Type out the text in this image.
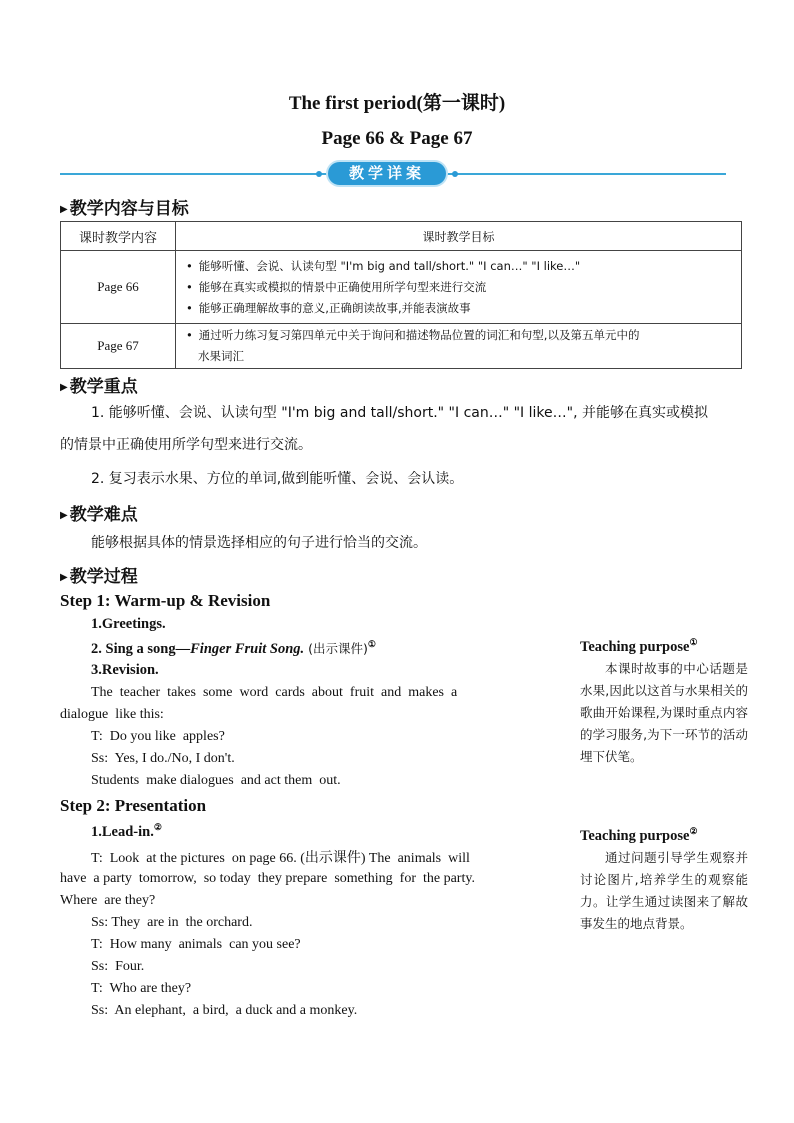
The first period(第一课时)
Page 66 & Page 67
教学详案
▶ 教学内容与目标
课时教学内容	课时教学目标
Page 66	• 能够听懂、会说、认读句型 "I'm big and tall/short." "I can…" "I like…"
• 能够在真实或模拟的情景中正确使用所学句型来进行交流
• 能够正确理解故事的意义,正确朗读故事,并能表演故事

Page 67	• 通过听力练习复习第四单元中关于询问和描述物品位置的词汇和句型,以及第五单元中的
水果词汇
▶ 教学重点
1. 能够听懂、会说、认读句型 "I'm big and tall/short." "I can…" "I like…", 并能够在真实或模拟
的情景中正确使用所学句型来进行交流。
2. 复习表示水果、方位的单词,做到能听懂、会说、会认读。
▶ 教学难点
能够根据具体的情景选择相应的句子进行恰当的交流。
▶ 教学过程
Step 1: Warm-up & Revision
1.Greetings.
2. Sing a song—Finger Fruit Song. (出示课件)①
3.Revision.
The  teacher  takes  some  word  cards  about  fruit  and  makes  a
dialogue  like this:
T:  Do you like  apples?
Ss:  Yes, I do./No, I don't.
Students  make dialogues  and act them  out.
Step 2: Presentation
1.Lead-in.②
T:  Look  at the pictures  on page 66. (出示课件) The  animals  will
have  a party  tomorrow,  so today  they prepare  something  for  the party.
Where  are they?
Ss: They  are in  the orchard.
T:  How many  animals  can you see?
Ss:  Four.
T:  Who are they?
Ss:  An elephant,  a bird,  a duck and a monkey.
Teaching purpose①
本课时故事的中心话题是水果,因此以这首与水果相关的歌曲开始课程,为课时重点内容的学习服务,为下一环节的活动埋下伏笔。
Teaching purpose②
通过问题引导学生观察并讨论图片,培养学生的观察能力。让学生通过读图来了解故事发生的地点背景。
